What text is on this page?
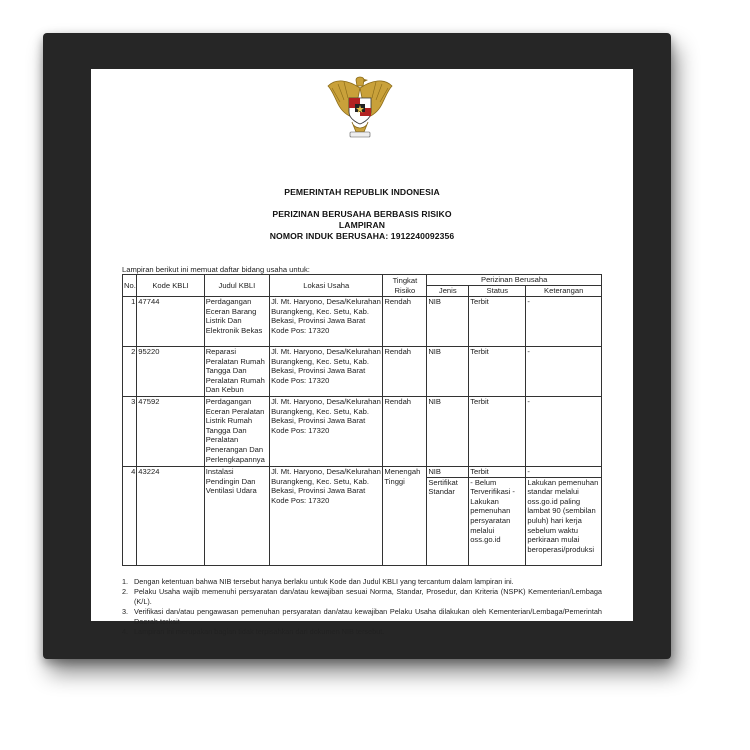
PEMERINTAH REPUBLIK INDONESIA
PERIZINAN BERUSAHA BERBASIS RISIKO
LAMPIRAN
NOMOR INDUK BERUSAHA: 1912240092356
Lampiran berikut ini memuat daftar bidang usaha untuk:
No.	Kode KBLI	Judul KBLI	Lokasi Usaha	Tingkat Risiko	Perizinan Berusaha		
					Jenis	Status	Keterangan
1	47744	Perdagangan Eceran Barang Listrik Dan Elektronik Bekas	Jl. Mt. Haryono, Desa/Kelurahan Burangkeng, Kec. Setu, Kab. Bekasi, Provinsi Jawa Barat Kode Pos: 17320	Rendah	NIB	Terbit	-
2	95220	Reparasi Peralatan Rumah Tangga Dan Peralatan Rumah Dan Kebun	Jl. Mt. Haryono, Desa/Kelurahan Burangkeng, Kec. Setu, Kab. Bekasi, Provinsi Jawa Barat Kode Pos: 17320	Rendah	NIB	Terbit	-
3	47592	Perdagangan Eceran Peralatan Listrik Rumah Tangga Dan Peralatan Penerangan Dan Perlengkapannya	Jl. Mt. Haryono, Desa/Kelurahan Burangkeng, Kec. Setu, Kab. Bekasi, Provinsi Jawa Barat Kode Pos: 17320	Rendah	NIB	Terbit	-
4	43224	Instalasi Pendingin Dan Ventilasi Udara	Jl. Mt. Haryono, Desa/Kelurahan Burangkeng, Kec. Setu, Kab. Bekasi, Provinsi Jawa Barat Kode Pos: 17320	Menengah Tinggi	NIB	Terbit	-
					Sertifikat Standar	- Belum Terverifikasi - Lakukan pemenuhan persyaratan melalui oss.go.id	Lakukan pemenuhan standar melalui oss.go.id paling lambat 90 (sembilan puluh) hari kerja sebelum waktu perkiraan mulai beroperasi/produksi
1. Dengan ketentuan bahwa NIB tersebut hanya berlaku untuk Kode dan Judul KBLI yang tercantum dalam lampiran ini.
2. Pelaku Usaha wajib memenuhi persyaratan dan/atau kewajiban sesuai Norma, Standar, Prosedur, dan Kriteria (NSPK) Kementerian/Lembaga (K/L).
3. Verifikasi dan/atau pengawasan pemenuhan persyaratan dan/atau kewajiban Pelaku Usaha dilakukan oleh Kementerian/Lembaga/Pemerintah Daerah terkait.
4. Lampiran ini merupakan bagian tidak terpisahkan dari dokumen NIB tersebut.
